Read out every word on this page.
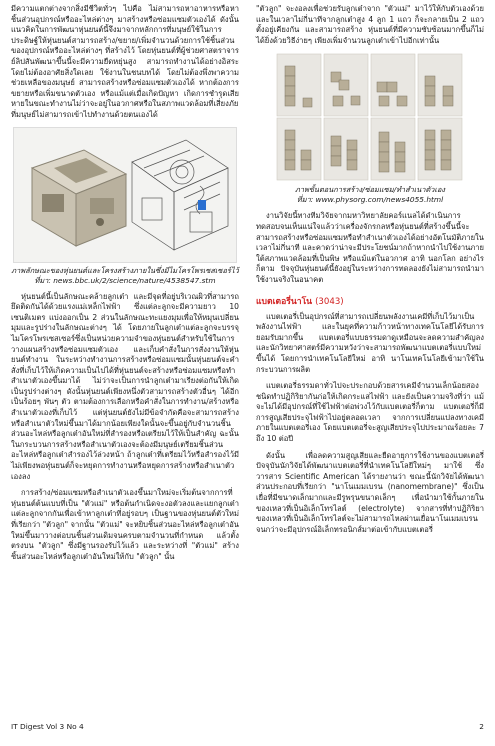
มีความแตกต่างจากสิ่งมีชีวิตทั่วๆ ไปคือ ไม่สามารถหาอาหารหรือหาชิ้นส่วนอุปกรณ์หรืออะไหล่ต่างๆ มาสร้างหรือซ่อมแซมตัวเองได้ ดังนั้นแนวคิดในการพัฒนาหุ่นยนต์นี้จึงมาจากหลักการที่มนุษย์ใช้ในการประดิษฐ์ให้หุ่นยนต์สามารถสร้าง/ขยาย/เพิ่มจำนวนด้วยการใช้ชิ้นส่วนของอุปกรณ์หรืออะไหล่ต่างๆ ที่สร้างไว้ โดยหุ่นยนต์ที่ผู้ช่วยศาสตราจารย์ลิปสันพัฒนาขึ้นนี้จะมีความยืดหยุ่นสูง สามารถทำงานได้อย่างอิสระโดยไม่ต้องอาศัยสิ่งใดเลย ใช้งานในชนบทได้ โดยไม่ต้องพึ่งพาความช่วยเหลือของมนุษย์ สามารถสร้างหรือซ่อมแซมตัวเองได้ หากต้องการขยายหรือเพิ่มขนาดตัวเอง หรือแม้แต่เมื่อเกิดปัญหา เกิดการชำรุดเสียหายในขณะทำงานไม่ว่าจะอยู่ในอวกาศหรือในสภาพแวดล้อมที่เสี่ยงภัยที่มนุษย์ไม่สามารถเข้าไปทำงานด้วยตนเองได้

ภาพลักษณะของหุ่นยนต์และโครงสร้างภายในซึ่งมีไมโครโพรเซสเซอร์ไว้
ที่มา: news.bbc.uk/2/science/nature/4538547.stm

หุ่นยนต์นี้เป็นลักษณะคล้ายลูกเต๋า และมีจุดที่อยู่บริเวณผิวที่สามารถยึดติดกันได้ด้วยแรงแม่เหล็กไฟฟ้า ซึ่งแต่ละลูกจะมีความยาว 10 เซนติเมตร แบ่งออกเป็น 2 ส่วนในลักษณะทะแยงมุมเพื่อให้หมุนเปลี่ยนมุมและรูปร่างในลักษณะต่างๆ ได้ โดยภายในลูกเต๋าแต่ละลูกจะบรรจุไมโครโพรเซสเซอร์ซึ่งเป็นหน่วยความจำของหุ่นยนต์สำหรับใช้ในการวางแผนสร้างหรือซ่อมแซมตัวเอง และเก็บคำสั่งในการสั่งงานให้หุ่นยนต์ทำงาน ในระหว่างทำงานการสร้างหรือซ่อมแซมนั้นหุ่นยนต์จะคำสั่งที่เก็บไว้ให้เกิดความเป็นไปได้ที่หุ่นยนต์จะสร้างหรือซ่อมแซมหรือทำสำเนาตัวเองขึ้นมาได้ ไม่ว่าจะเป็นการนำลูกเต๋ามาเรียงต่อกันให้เกิดเป็นรูปร่างต่างๆ ดังนั้นหุ่นยนต์เพียงหนึ่งตัวสามารถสร้างตัวอื่นๆ ได้อีกเป็นร้อยๆ พันๆ ตัว ตามต้องการเลือกหรือคำสั่งในการทำงาน/สร้างหรือสำเนาตัวเองที่เก็บไว้ แต่หุ่นยนต์ยังไม่มีข้อจำกัดคือจะสามารถสร้างหรือสำเนาตัวใหม่ขึ้นมาได้มากน้อยเพียงใดนั้นจะขึ้นอยู่กับจำนวนชิ้นส่วนอะไหล่หรือลูกเต๋าอันใหม่ที่สำรองหรือเตรียมไว้ให้เป็นสำคัญ ฉะนั้นในกระบวนการสร้างหรือสำเนาตัวเองจะต้องมีมนุษย์เตรียมชิ้นส่วนอะไหล่หรือลูกเต๋าสำรองไว้ล่วงหน้า ถ้าลูกเต๋าที่เตรียมไว้หรือสำรองไว้มีไม่เพียงพอหุ่นยนต์ก็จะหยุดการทำงานหรือหยุดการสร้างหรือสำเนาตัวเองลง

การสร้าง/ซ่อมแซมหรือสำเนาตัวเองขึ้นมาใหม่จะเริ่มต้นจากการที่หุ่นยนต์ต้นแบบที่เป็น "ตัวแม่" หรือต้นกำเนิดจะงอตัวลงและแยกลูกเต๋าแต่ละลูกจากกันเพื่อเข้าหาลูกเต๋าที่อยู่รอบๆ เป็นฐานของหุ่นยนต์ตัวใหม่ที่เรียกว่า "ตัวลูก" จากนั้น "ตัวแม่" จะหยิบชิ้นส่วนอะไหล่หรือลูกเต๋าอันใหม่ขึ้นมาวางต่อบนชิ้นส่วนเดิมจนครบตามจำนวนที่กำหนด แล้วตั้งตรงบน "ตัวลูก" ซึ่งมีฐานรองรับไว้แล้ว และระหว่างที่ "ตัวแม่" สร้างชิ้นส่วนอะไหล่หรือลูกเต๋าอันใหม่ให้กับ "ตัวลูก" นั้น

"ตัวลูก" จะงอลงเพื่อช่วยรับลูกเต๋าจาก "ตัวแม่" มาไว้ให้กับตัวเองด้วย และในเวลาไม่กี่นาทีจากลูกเต๋าสูง 4 ลูก 1 แถว ก็จะกลายเป็น 2 แถว ตั้งอยู่เคียงกัน และสามารถสร้าง หุ่นยนต์ที่มีความซับซ้อนมากขึ้นก็ไม่ได้ยิ่งด้วยวิธีง่ายๆ เพียงเพิ่มจำนวนลูกเต๋าเข้าไปอีกเท่านั้น

ภาพขั้นตอนการสร้าง/ซ่อมแซม/ทำสำเนาตัวเอง
ที่มา: www.physorg.com/news4055.html

งานวิจัยนี้ทางทีมวิจัยจากมหาวิทยาลัยคอร์แนลได้ดำเนินการทดสอบจนเห็นแน่ใจแล้วว่าเครื่องจักรกลหรือหุ่นยนต์ที่สร้างขึ้นนี้จะสามารถสร้างหรือซ่อมแซมหรือทำสำเนาตัวเองได้อย่างอัตโนมัติภายในเวลาไม่กี่นาที และคาดว่าน่าจะมีประโยชน์มากถ้าหากนำไปใช้งานภายใต้สภาพแวดล้อมที่เป็นพิษ หรือแม้แต่ในอวกาศ อาทิ นอกโลก อย่างไรก็ตาม ปัจจุบันหุ่นยนต์นี้ยังอยู่ในระหว่างการทดลองยังไม่สามารถนำมาใช้งานจริงในอนาคต

แบตเตอรี่นาโน (3043)

แบตเตอรี่เป็นอุปกรณ์ที่สามารถเปลี่ยนพลังงานเคมีที่เก็บไว้มาเป็นพลังงานไฟฟ้า และในยุคที่ความก้าวหน้าทางเทคโนโลยีได้รับการยอมรับมากขึ้น แบตเตอรี่แบบธรรมดาดูเหมือนจะลดความสำคัญลง และนักวิทยาศาสตร์มีความหวังว่าจะสามารถพัฒนาแบตเตอรี่แบบใหม่ขึ้นได้ โดยการนำเทคโนโลยีใหม่ อาทิ นาโนเทคโนโลยีเข้ามาใช้ในกระบวนการผลิต

แบตเตอรี่ธรรมดาทั่วไปจะประกอบด้วยสารเคมีจำนวนเล็กน้อยสองชนิดทำปฏิกิริยากันก่อให้เกิดกระแสไฟฟ้า และยังเป็นความจริงที่ว่า แม้จะไม่ได้มีอุปกรณ์ที่ใช้ไฟฟ้าต่อพ่วงไว้กับแบตเตอรี่ก็ตาม แบตเตอรี่ก็มีการสูญเสียประจุไฟฟ้าไปอยู่ตลอดเวลา จากการเปลี่ยนแปลงทางเคมีภายในแบตเตอรี่เอง โดยแบตเตอรี่จะสูญเสียประจุไปประมาณร้อยละ 7 ถึง 10 ต่อปี

ดังนั้น เพื่อลดความสูญเสียและยืดอายุการใช้งานของแบตเตอรี่ ปัจจุบันนักวิจัยได้พัฒนาแบตเตอรี่ที่นำเทคโนโลยีใหม่ๆ มาใช้ ซึ่งวารสาร Scientific American ได้รายงานว่า ขณะนี้นักวิจัยได้พัฒนาส่วนประกอบที่เรียกว่า "นาโนเมมเบรน (nanomembrane)" ซึ่งเป็นเยื่อที่มีขนาดเล็กมากและมีรูพรุนขนาดเล็กๆ เพื่อนำมาใช้กั้นภายในของเหลวที่เป็นอิเล็กโทรไลต์ (electrolyte) จากสารที่ทำปฏิกิริยาของเหลวที่เป็นอิเล็กโทรไลต์จะไม่สามารถไหลผ่านเยื่อนาโนเมมเบรนจนกว่าจะมีอุปกรณ์อิเล็กทรอนิกส์มาต่อเข้ากับแบตเตอรี่

IT Digest Vol 3 No 4	2
